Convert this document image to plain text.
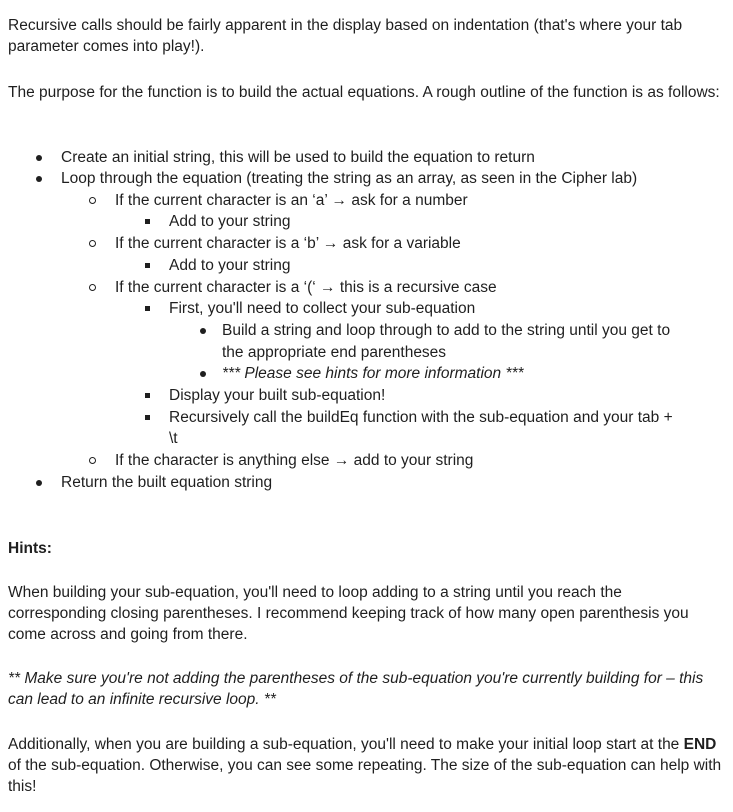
Recursive calls should be fairly apparent in the display based on indentation (that's where your tab parameter comes into play!).

The purpose for the function is to build the actual equations. A rough outline of the function is as follows:

Create an initial string, this will be used to build the equation to return
Loop through the equation (treating the string as an array, as seen in the Cipher lab)
If the current character is an ‘a’ → ask for a number
Add to your string
If the current character is a ‘b’ → ask for a variable
Add to your string
If the current character is a ‘(‘ → this is a recursive case
First, you'll need to collect your sub-equation
Build a string and loop through to add to the string until you get to
the appropriate end parentheses
*** Please see hints for more information ***
Display your built sub-equation!
Recursively call the buildEq function with the sub-equation and your tab +
\t
If the character is anything else → add to your string
Return the built equation string

Hints:

When building your sub-equation, you'll need to loop adding to a string until you reach the corresponding closing parentheses. I recommend keeping track of how many open parenthesis you come across and going from there.

** Make sure you're not adding the parentheses of the sub-equation you're currently building for – this can lead to an infinite recursive loop. **

Additionally, when you are building a sub-equation, you'll need to make your initial loop start at the END of the sub-equation. Otherwise, you can see some repeating. The size of the sub-equation can help with this!
